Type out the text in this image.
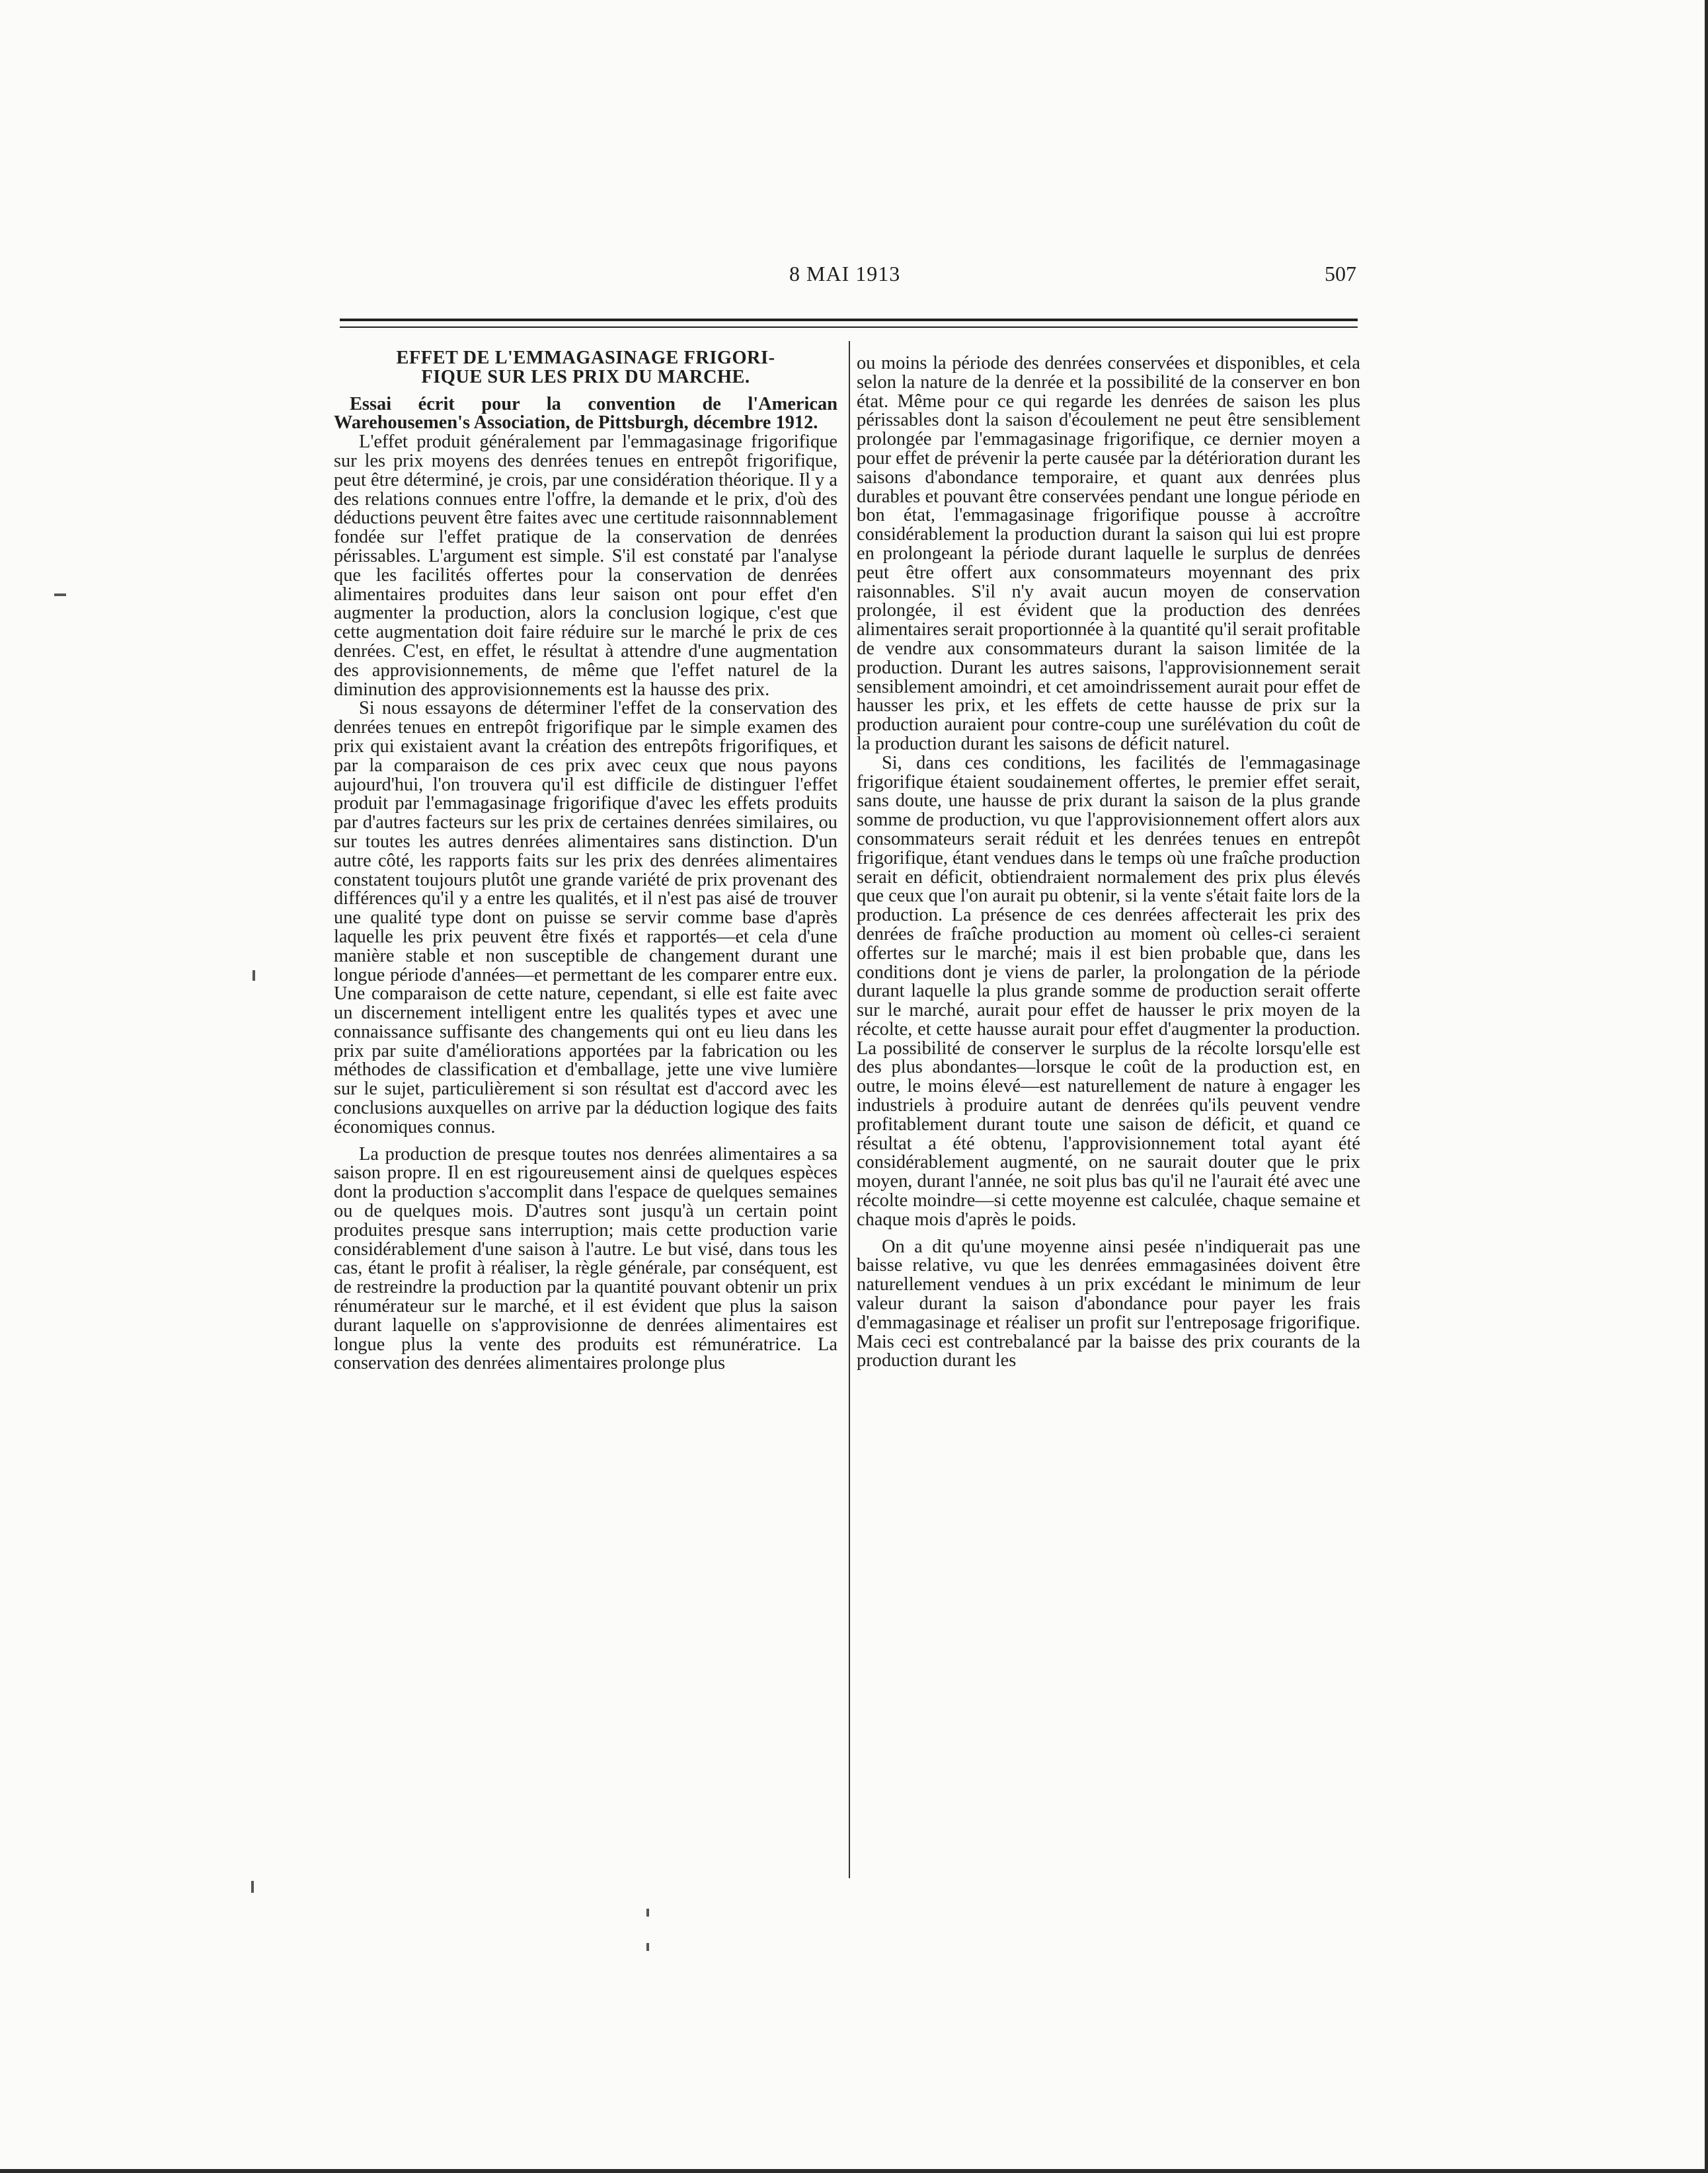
8 MAI 1913	507
EFFET DE L'EMMAGASINAGE FRIGORI-
FIQUE SUR LES PRIX DU MARCHE.

Essai écrit pour la convention de l'American Warehousemen's Association, de Pittsburgh, décembre 1912.

L'effet produit généralement par l'emmagasinage frigorifique sur les prix moyens des denrées tenues en entrepôt frigorifique, peut être déterminé, je crois, par une considération théorique. Il y a des relations connues entre l'offre, la demande et le prix, d'où des déductions peuvent être faites avec une certitude raisonnnablement fondée sur l'effet pratique de la conservation de denrées périssables. L'argument est simple. S'il est constaté par l'analyse que les facilités offertes pour la conservation de denrées alimentaires produites dans leur saison ont pour effet d'en augmenter la production, alors la conclusion logique, c'est que cette augmentation doit faire réduire sur le marché le prix de ces denrées. C'est, en effet, le résultat à attendre d'une augmentation des approvisionnements, de même que l'effet naturel de la diminution des approvisionnements est la hausse des prix.

Si nous essayons de déterminer l'effet de la conservation des denrées tenues en entrepôt frigorifique par le simple examen des prix qui existaient avant la création des entrepôts frigorifiques, et par la comparaison de ces prix avec ceux que nous payons aujourd'hui, l'on trouvera qu'il est difficile de distinguer l'effet produit par l'emmagasinage frigorifique d'avec les effets produits par d'autres facteurs sur les prix de certaines denrées similaires, ou sur toutes les autres denrées alimentaires sans distinction. D'un autre côté, les rapports faits sur les prix des denrées alimentaires constatent toujours plutôt une grande variété de prix provenant des différences qu'il y a entre les qualités, et il n'est pas aisé de trouver une qualité type dont on puisse se servir comme base d'après laquelle les prix peuvent être fixés et rapportés—et cela d'une manière stable et non susceptible de changement durant une longue période d'années—et permettant de les comparer entre eux. Une comparaison de cette nature, cependant, si elle est faite avec un discernement intelligent entre les qualités types et avec une connaissance suffisante des changements qui ont eu lieu dans les prix par suite d'améliorations apportées par la fabrication ou les méthodes de classification et d'emballage, jette une vive lumière sur le sujet, particulièrement si son résultat est d'accord avec les conclusions auxquelles on arrive par la déduction logique des faits économiques connus.

La production de presque toutes nos denrées alimentaires a sa saison propre. Il en est rigoureusement ainsi de quelques espèces dont la production s'accomplit dans l'espace de quelques semaines ou de quelques mois. D'autres sont jusqu'à un certain point produites presque sans interruption; mais cette production varie considérablement d'une saison à l'autre. Le but visé, dans tous les cas, étant le profit à réaliser, la règle générale, par conséquent, est de restreindre la production par la quantité pouvant obtenir un prix rénumérateur sur le marché, et il est évident que plus la saison durant laquelle on s'approvisionne de denrées alimentaires est longue plus la vente des produits est rémunératrice. La conservation des denrées alimentaires prolonge plus

ou moins la période des denrées conservées et disponibles, et cela selon la nature de la denrée et la possibilité de la conserver en bon état. Même pour ce qui regarde les denrées de saison les plus périssables dont la saison d'écoulement ne peut être sensiblement prolongée par l'emmagasinage frigorifique, ce dernier moyen a pour effet de prévenir la perte causée par la détérioration durant les saisons d'abondance temporaire, et quant aux denrées plus durables et pouvant être conservées pendant une longue période en bon état, l'emmagasinage frigorifique pousse à accroître considérablement la production durant la saison qui lui est propre en prolongeant la période durant laquelle le surplus de denrées peut être offert aux consommateurs moyennant des prix raisonnables. S'il n'y avait aucun moyen de conservation prolongée, il est évident que la production des denrées alimentaires serait proportionnée à la quantité qu'il serait profitable de vendre aux consommateurs durant la saison limitée de la production. Durant les autres saisons, l'approvisionnement serait sensiblement amoindri, et cet amoindrissement aurait pour effet de hausser les prix, et les effets de cette hausse de prix sur la production auraient pour contre-coup une surélévation du coût de la production durant les saisons de déficit naturel.

Si, dans ces conditions, les facilités de l'emmagasinage frigorifique étaient soudainement offertes, le premier effet serait, sans doute, une hausse de prix durant la saison de la plus grande somme de production, vu que l'approvisionnement offert alors aux consommateurs serait réduit et les denrées tenues en entrepôt frigorifique, étant vendues dans le temps où une fraîche production serait en déficit, obtiendraient normalement des prix plus élevés que ceux que l'on aurait pu obtenir, si la vente s'était faite lors de la production. La présence de ces denrées affecterait les prix des denrées de fraîche production au moment où celles-ci seraient offertes sur le marché; mais il est bien probable que, dans les conditions dont je viens de parler, la prolongation de la période durant laquelle la plus grande somme de production serait offerte sur le marché, aurait pour effet de hausser le prix moyen de la récolte, et cette hausse aurait pour effet d'augmenter la production. La possibilité de conserver le surplus de la récolte lorsqu'elle est des plus abondantes—lorsque le coût de la production est, en outre, le moins élevé—est naturellement de nature à engager les industriels à produire autant de denrées qu'ils peuvent vendre profitablement durant toute une saison de déficit, et quand ce résultat a été obtenu, l'approvisionnement total ayant été considérablement augmenté, on ne saurait douter que le prix moyen, durant l'année, ne soit plus bas qu'il ne l'aurait été avec une récolte moindre—si cette moyenne est calculée, chaque semaine et chaque mois d'après le poids.

On a dit qu'une moyenne ainsi pesée n'indiquerait pas une baisse relative, vu que les denrées emmagasinées doivent être naturellement vendues à un prix excédant le minimum de leur valeur durant la saison d'abondance pour payer les frais d'emmagasinage et réaliser un profit sur l'entreposage frigorifique. Mais ceci est contrebalancé par la baisse des prix courants de la production durant les
